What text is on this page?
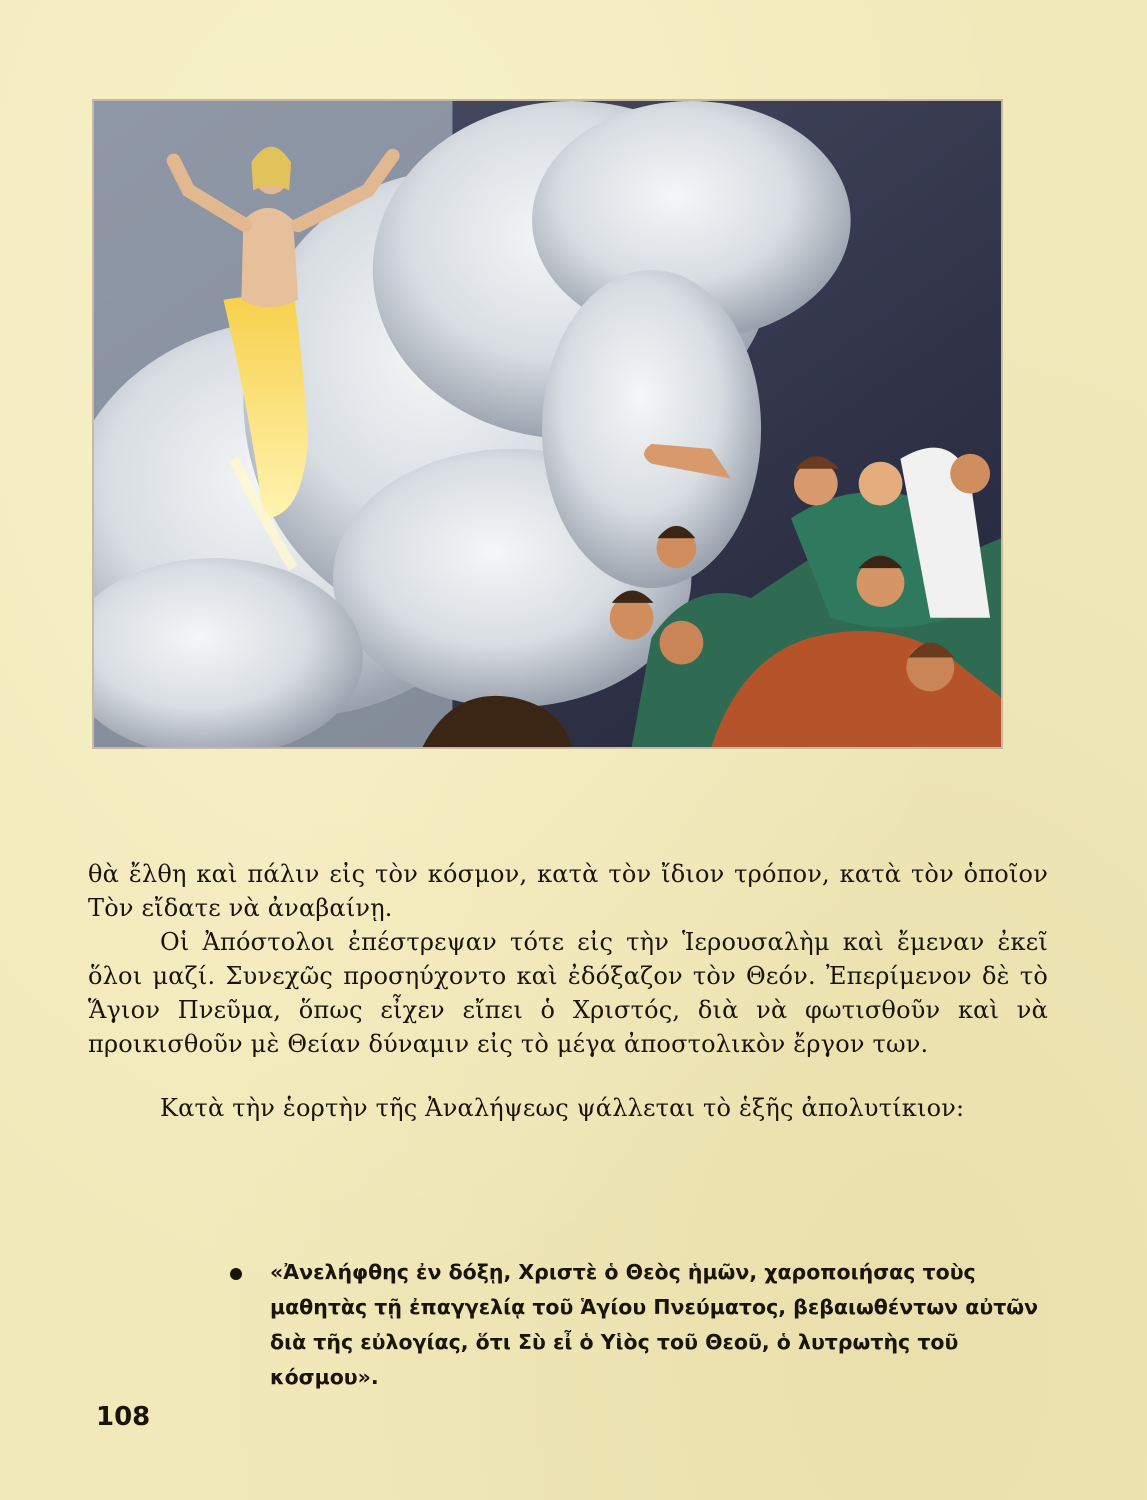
θὰ ἔλθη καὶ πάλιν εἰς τὸν κόσμον, κατὰ τὸν ἴδιον τρόπον, κατὰ τὸν ὁποῖον Τὸν εἴδατε νὰ ἀναβαίνῃ.

Οἱ Ἀπόστολοι ἐπέστρεψαν τότε εἰς τὴν Ἱερουσαλὴμ καὶ ἔμεναν ἐκεῖ ὅλοι μαζί. Συνεχῶς προσηύχοντο καὶ ἐδόξαζον τὸν Θεόν. Ἐπερίμενον δὲ τὸ Ἅγιον Πνεῦμα, ὅπως εἶχεν εἴπει ὁ Χριστός, διὰ νὰ φωτισθοῦν καὶ νὰ προικισθοῦν μὲ Θείαν δύναμιν εἰς τὸ μέγα ἀποστολικὸν ἔργον των.

Κατὰ τὴν ἑορτὴν τῆς Ἀναλήψεως ψάλλεται τὸ ἑξῆς ἀπολυτίκιον:

«Ἀνελήφθης ἐν δόξῃ, Χριστὲ ὁ Θεὸς ἡμῶν, χαροποιήσας τοὺς μαθητὰς τῇ ἐπαγγελίᾳ τοῦ Ἁγίου Πνεύματος, βεβαιωθέντων αὐτῶν διὰ τῆς εὐλογίας, ὅτι Σὺ εἶ ὁ Υἱὸς τοῦ Θεοῦ, ὁ λυτρωτὴς τοῦ κόσμου».

108
